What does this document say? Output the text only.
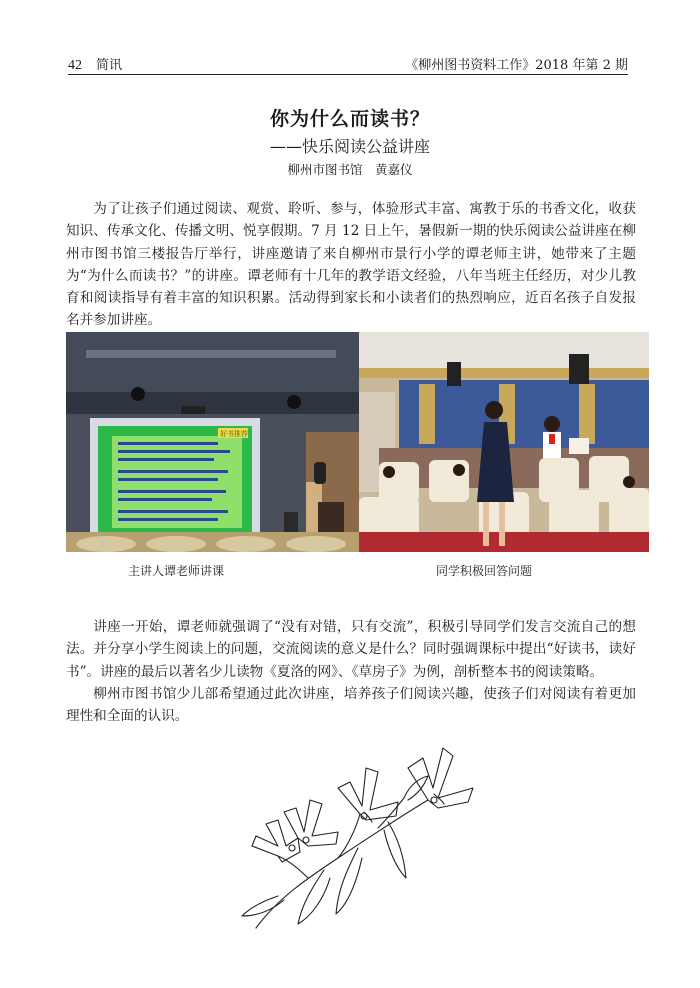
42 简讯	《柳州图书资料工作》2018 年第 2 期
你为什么而读书？
——快乐阅读公益讲座
柳州市图书馆　黄嘉仪
为了让孩子们通过阅读、观赏、聆听、参与，体验形式丰富、寓教于乐的书香文化，收获知识、传承文化、传播文明、悦享假期。7 月 12 日上午，暑假新一期的快乐阅读公益讲座在柳州市图书馆三楼报告厅举行，讲座邀请了来自柳州市景行小学的谭老师主讲，她带来了主题为“为什么而读书？”的讲座。谭老师有十几年的教学语文经验，八年当班主任经历，对少儿教育和阅读指导有着丰富的知识积累。活动得到家长和小读者们的热烈响应，近百名孩子自发报名并参加讲座。
好书推荐
主讲人谭老师讲课	同学积极回答问题
讲座一开始，谭老师就强调了“没有对错，只有交流”，积极引导同学们发言交流自己的想法。并分享小学生阅读上的问题，交流阅读的意义是什么？同时强调课标中提出“好读书，读好书”。讲座的最后以著名少儿读物《夏洛的网》、《草房子》为例，剖析整本书的阅读策略。
柳州市图书馆少儿部希望通过此次讲座，培养孩子们阅读兴趣，使孩子们对阅读有着更加理性和全面的认识。
